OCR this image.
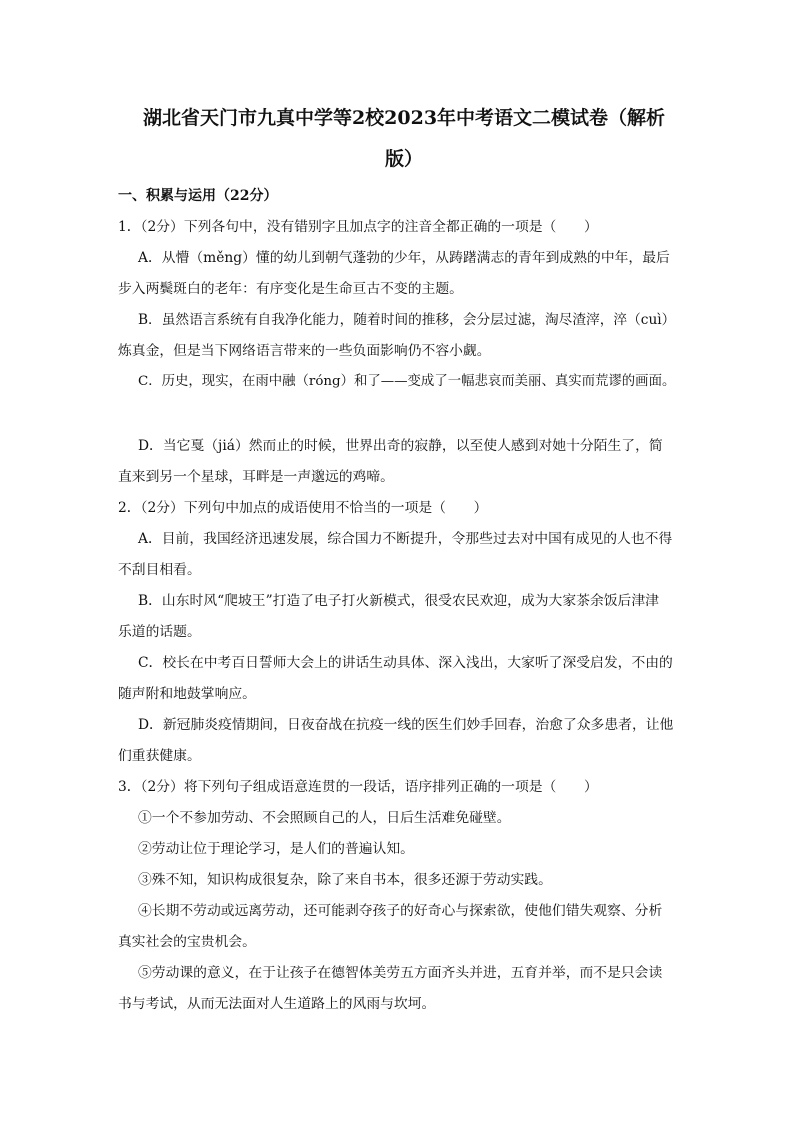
湖北省天门市九真中学等2校2023年中考语文二模试卷（解析
版）
一、积累与运用（22分）
1．（2分）下列各句中，没有错别字且加点字的注音全都正确的一项是（　　）
A．从懵（měng）懂的幼儿到朝气蓬勃的少年，从踌躇满志的青年到成熟的中年，最后
步入两鬓斑白的老年：有序变化是生命亘古不变的主题。
B．虽然语言系统有自我净化能力，随着时间的推移，会分层过滤，淘尽渣滓，淬（cuì）
炼真金，但是当下网络语言带来的一些负面影响仍不容小觑。
C．历史，现实，在雨中融（róng）和了——变成了一幅悲哀而美丽、真实而荒谬的画面。
D．当它戛（jiá）然而止的时候，世界出奇的寂静，以至使人感到对她十分陌生了，简
直来到另一个星球，耳畔是一声邈远的鸡啼。
2．（2分）下列句中加点的成语使用不恰当的一项是（　　）
A．目前，我国经济迅速发展，综合国力不断提升，令那些过去对中国有成见的人也不得
不刮目相看。
B．山东时风“爬坡王”打造了电子打火新模式，很受农民欢迎，成为大家茶余饭后津津
乐道的话题。
C．校长在中考百日誓师大会上的讲话生动具体、深入浅出，大家听了深受启发，不由的
随声附和地鼓掌响应。
D．新冠肺炎疫情期间，日夜奋战在抗疫一线的医生们妙手回春，治愈了众多患者，让他
们重获健康。
3．（2分）将下列句子组成语意连贯的一段话，语序排列正确的一项是（　　）
①一个不参加劳动、不会照顾自己的人，日后生活难免碰壁。
②劳动让位于理论学习，是人们的普遍认知。
③殊不知，知识构成很复杂，除了来自书本，很多还源于劳动实践。
④长期不劳动或远离劳动，还可能剥夺孩子的好奇心与探索欲，使他们错失观察、分析
真实社会的宝贵机会。
⑤劳动课的意义，在于让孩子在德智体美劳五方面齐头并进，五育并举，而不是只会读
书与考试，从而无法面对人生道路上的风雨与坎坷。
